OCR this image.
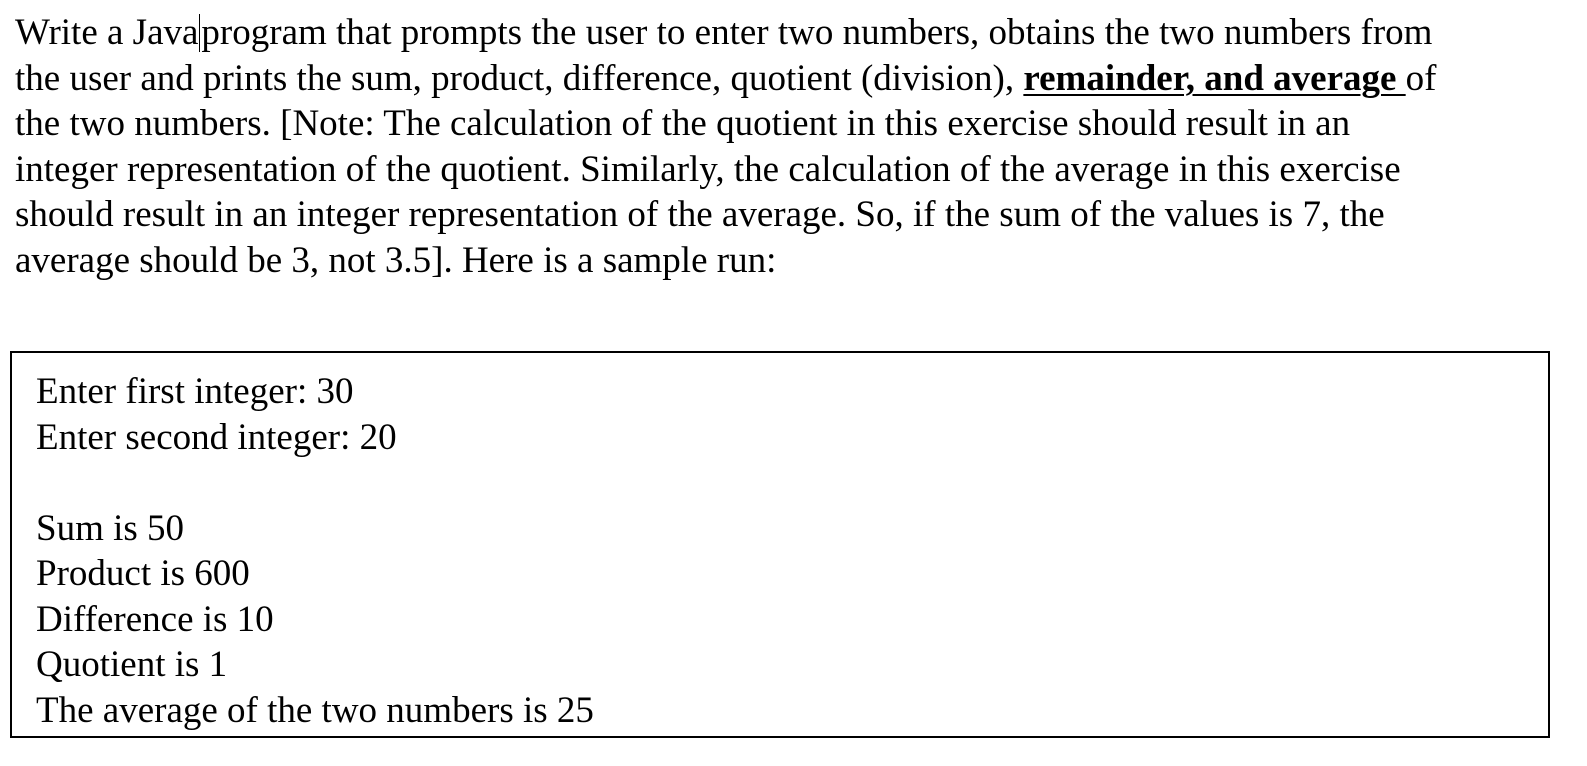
Write a Javaprogram that prompts the user to enter two numbers, obtains the two numbers from
the user and prints the sum, product, difference, quotient (division), remainder, and average of
the two numbers. [Note: The calculation of the quotient in this exercise should result in an
integer representation of the quotient. Similarly, the calculation of the average in this exercise
should result in an integer representation of the average. So, if the sum of the values is 7, the
average should be 3, not 3.5]. Here is a sample run:
Enter first integer: 30
Enter second integer: 20
Sum is 50
Product is 600
Difference is 10
Quotient is 1
The average of the two numbers is 25
